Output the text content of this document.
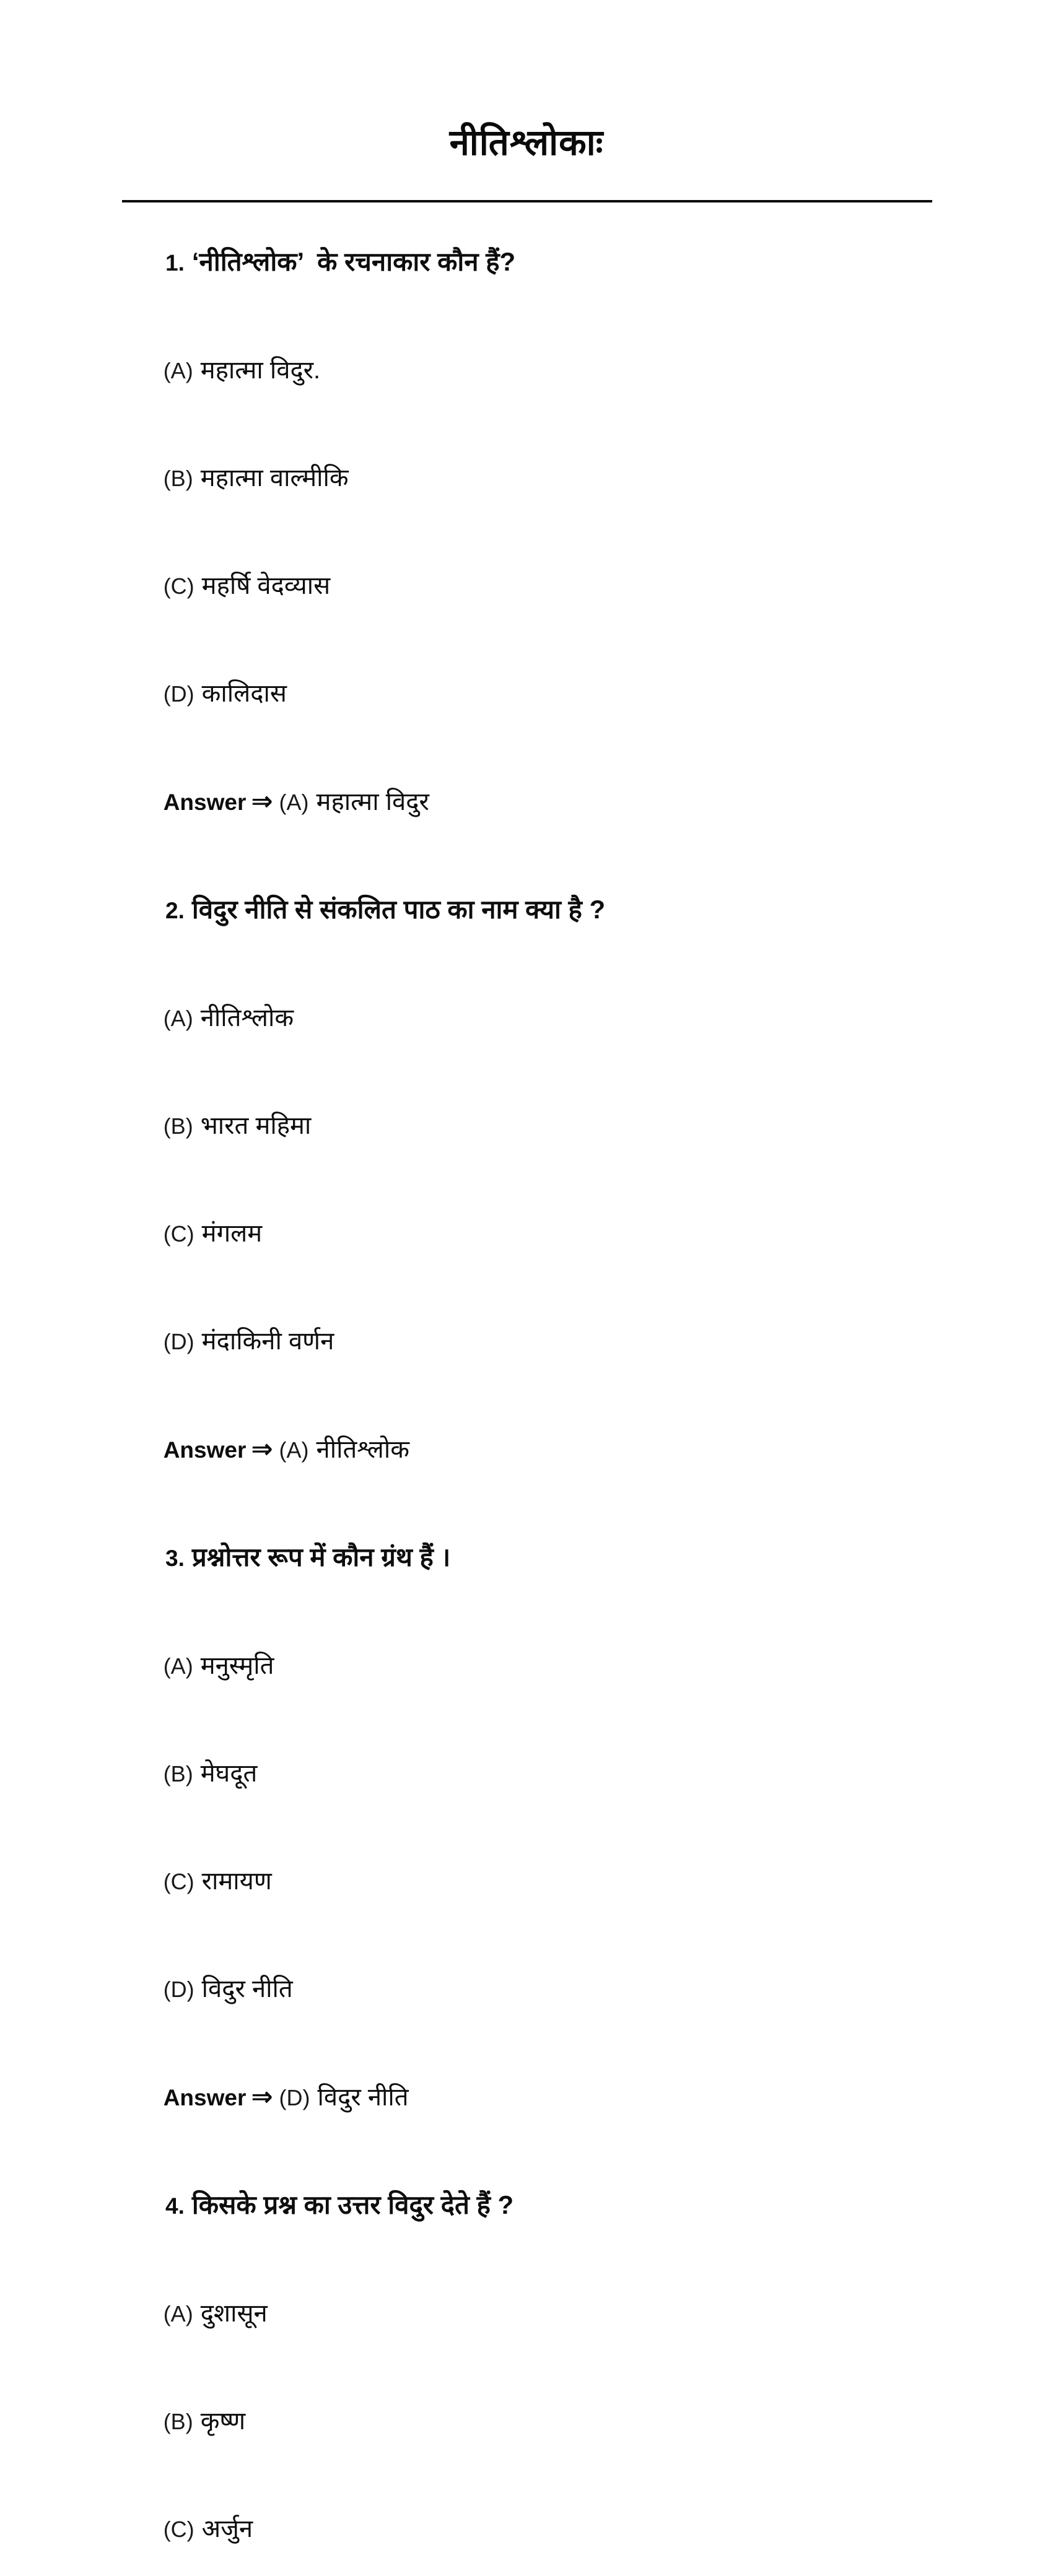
नीतिश्लोकाः

1. ‘नीतिश्लोक’  के रचनाकार कौन हैं?

(A) महात्मा विदुर.

(B) महात्मा वाल्मीकि

(C) महर्षि वेदव्यास

(D) कालिदास

Answer ⇒ (A) महात्मा विदुर

2. विदुर नीति से संकलित पाठ का नाम क्या है ?

(A) नीतिश्लोक

(B) भारत महिमा

(C) मंगलम

(D) मंदाकिनी वर्णन

Answer ⇒ (A) नीतिश्लोक

3. प्रश्नोत्तर रूप में कौन ग्रंथ हैं ।

(A) मनुस्मृति

(B) मेघदूत

(C) रामायण

(D) विदुर नीति

Answer ⇒ (D) विदुर नीति

4. किसके प्रश्न का उत्तर विदुर देते हैं ?

(A) दुशासून

(B) कृष्ण

(C) अर्जुन
